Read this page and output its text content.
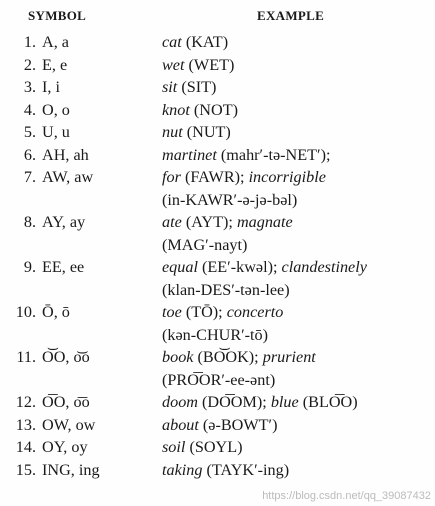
SYMBOL	EXAMPLE
1. A, a	cat (KAT)
2. E, e	wet (WET)
3. I, i	sit (SIT)
4. O, o	knot (NOT)
5. U, u	nut (NUT)
6. AH, ah	martinet (mahr′-tə-NET′);
7. AW, aw	for (FAWR); incorrigible
(in-KAWR′-ə-jə-bəl)
8. AY, ay	ate (AYT); magnate
(MAG′-nayt)
9. EE, ee	equal (EE′-kwəl); clandestinely
(klan-DES′-tən-lee)
10. Ō, ō	toe (TŌ); concerto
(kən-CHUR′-tō)
11. O͝O, o͝o	book (BO͝OK); prurient
(PRO͞OR′-ee-ənt)
12. O͞O, o͞o	doom (DO͞OM); blue (BLO͞O)
13. OW, ow	about (ə-BOWT′)
14. OY, oy	soil (SOYL)
15. ING, ing	taking (TAYK′-ing)
https://blog.csdn.net/qq_39087432
